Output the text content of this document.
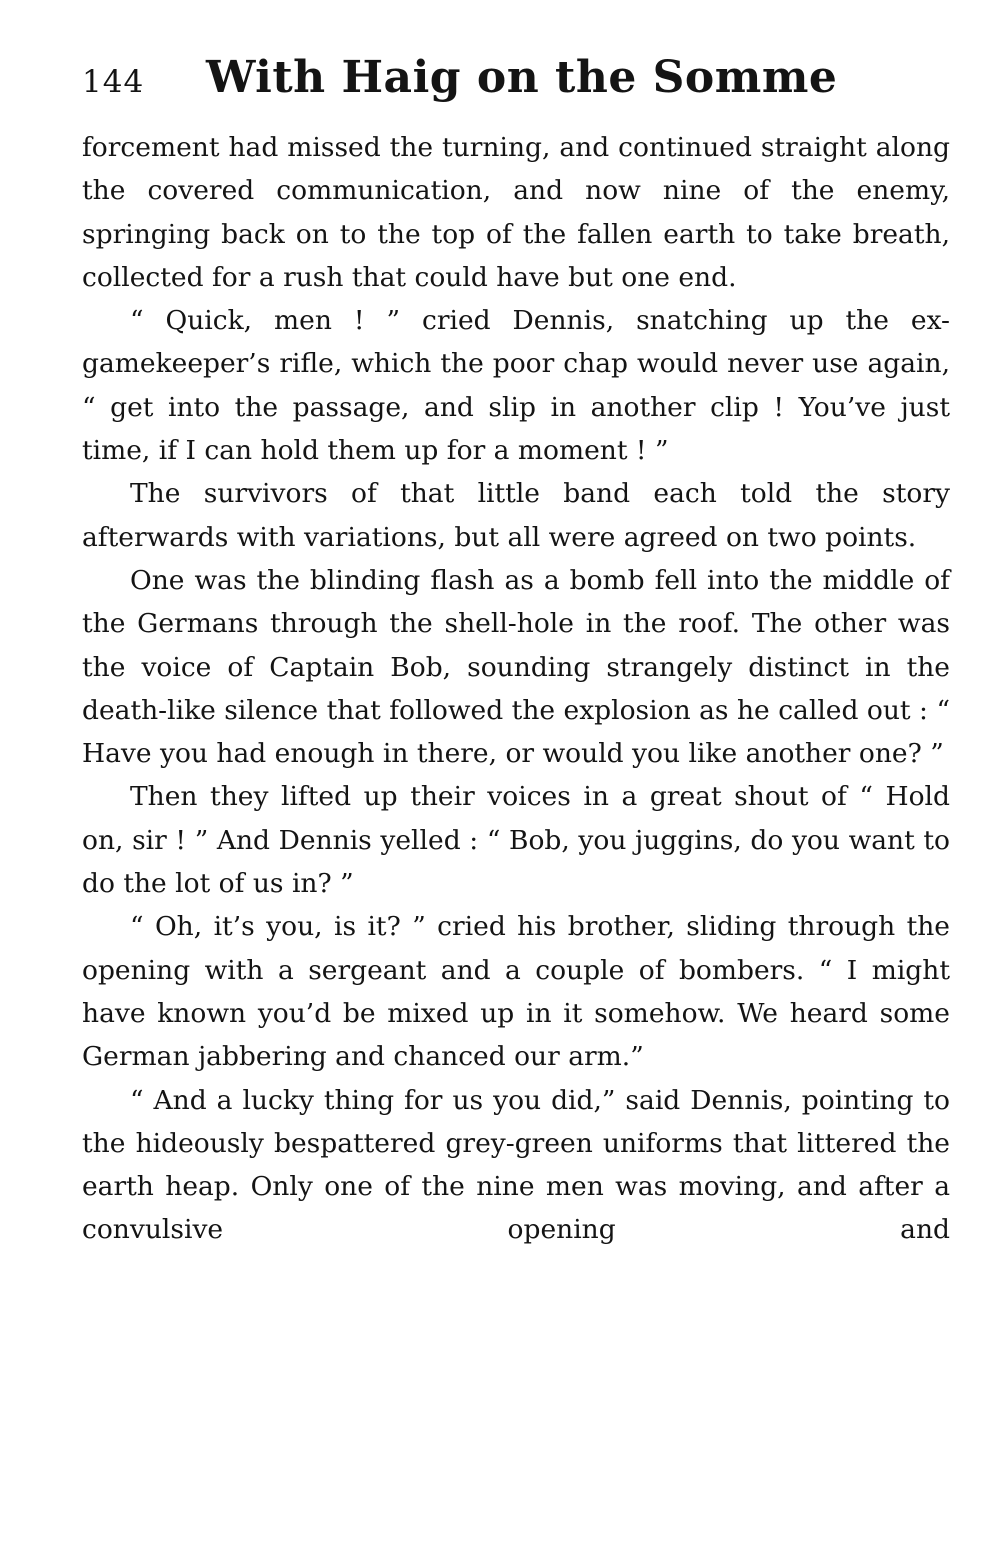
144	With Haig on the Somme

forcement had missed the turning, and continued straight along the covered communication, and now nine of the enemy, springing back on to the top of the fallen earth to take breath, collected for a rush that could have but one end.

“ Quick, men ! ” cried Dennis, snatching up the ex-gamekeeper’s rifle, which the poor chap would never use again, “ get into the passage, and slip in another clip ! You’ve just time, if I can hold them up for a moment ! ”

The survivors of that little band each told the story afterwards with variations, but all were agreed on two points.

One was the blinding flash as a bomb fell into the middle of the Germans through the shell-hole in the roof. The other was the voice of Captain Bob, sounding strangely distinct in the death-like silence that followed the explosion as he called out : “ Have you had enough in there, or would you like another one? ”

Then they lifted up their voices in a great shout of “ Hold on, sir ! ” And Dennis yelled : “ Bob, you juggins, do you want to do the lot of us in? ”

“ Oh, it’s you, is it? ” cried his brother, sliding through the opening with a sergeant and a couple of bombers. “ I might have known you’d be mixed up in it somehow. We heard some German jabbering and chanced our arm.”

“ And a lucky thing for us you did,” said Dennis, pointing to the hideously bespattered grey-green uniforms that littered the earth heap. Only one of the nine men was moving, and after a convulsive opening and
